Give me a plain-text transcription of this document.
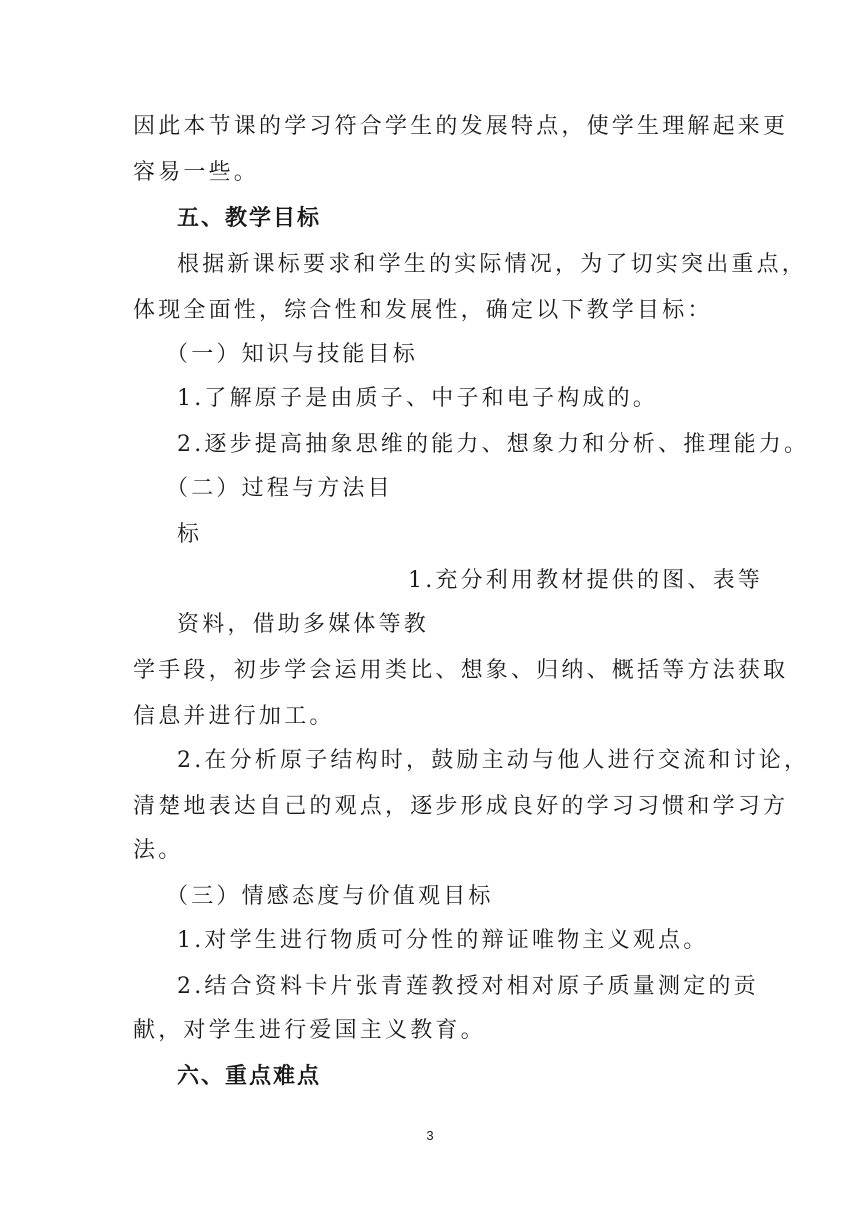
因此本节课的学习符合学生的发展特点，使学生理解起来更
容易一些。
五、教学目标
根据新课标要求和学生的实际情况，为了切实突出重点，
体现全面性，综合性和发展性，确定以下教学目标：
（一）知识与技能目标
1.了解原子是由质子、中子和电子构成的。
2.逐步提高抽象思维的能力、想象力和分析、推理能力。
（二）过程与方法目
标
1.充分利用教材提供的图、表等
资料，借助多媒体等教
学手段，初步学会运用类比、想象、归纳、概括等方法获取
信息并进行加工。
2.在分析原子结构时，鼓励主动与他人进行交流和讨论，
清楚地表达自己的观点，逐步形成良好的学习习惯和学习方
法。
（三）情感态度与价值观目标
1.对学生进行物质可分性的辩证唯物主义观点。
2.结合资料卡片张青莲教授对相对原子质量测定的贡
献，对学生进行爱国主义教育。
六、重点难点
3
